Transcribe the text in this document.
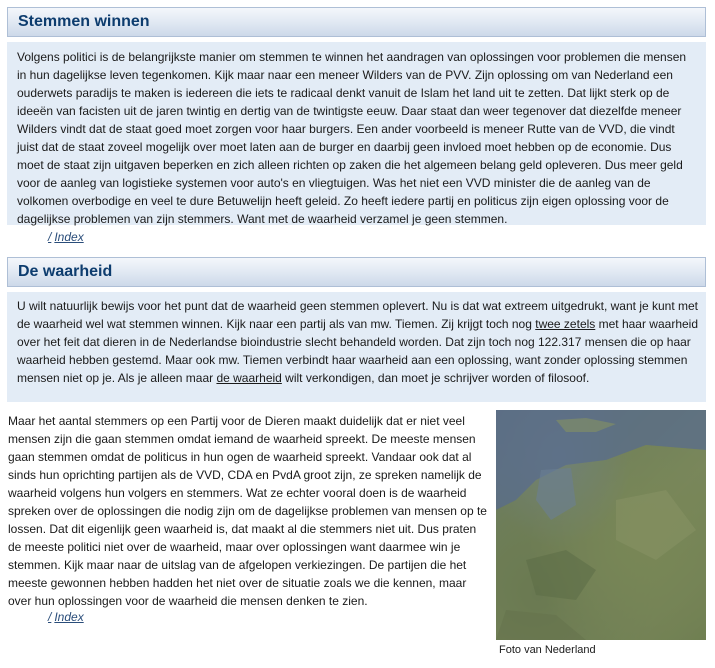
Stemmen winnen

Volgens politici is de belangrijkste manier om stemmen te winnen het aandragen van oplossingen voor problemen die mensen in hun dagelijkse leven tegenkomen. Kijk maar naar een meneer Wilders van de PVV. Zijn oplossing om van Nederland een ouderwets paradijs te maken is iedereen die iets te radicaal denkt vanuit de Islam het land uit te zetten. Dat lijkt sterk op de ideeën van facisten uit de jaren twintig en dertig van de twintigste eeuw. Daar staat dan weer tegenover dat diezelfde meneer Wilders vindt dat de staat goed moet zorgen voor haar burgers. Een ander voorbeeld is meneer Rutte van de VVD, die vindt juist dat de staat zoveel mogelijk over moet laten aan de burger en daarbij geen invloed moet hebben op de economie. Dus moet de staat zijn uitgaven beperken en zich alleen richten op zaken die het algemeen belang geld opleveren. Dus meer geld voor de aanleg van logistieke systemen voor auto's en vliegtuigen. Was het niet een VVD minister die de aanleg van de volkomen overbodige en veel te dure Betuwelijn heeft geleid. Zo heeft iedere partij en politicus zijn eigen oplossing voor de dagelijkse problemen van zijn stemmers. Want met de waarheid verzamel je geen stemmen.

/ Index
De waarheid

U wilt natuurlijk bewijs voor het punt dat de waarheid geen stemmen oplevert. Nu is dat wat extreem uitgedrukt, want je kunt met de waarheid wel wat stemmen winnen. Kijk naar een partij als van mw. Tiemen. Zij krijgt toch nog twee zetels met haar waarheid over het feit dat dieren in de Nederlandse bioindustrie slecht behandeld worden. Dat zijn toch nog 122.317 mensen die op haar waarheid hebben gestemd. Maar ook mw. Tiemen verbindt haar waarheid aan een oplossing, want zonder oplossing stemmen mensen niet op je. Als je alleen maar de waarheid wilt verkondigen, dan moet je schrijver worden of filosoof.

Maar het aantal stemmers op een Partij voor de Dieren maakt duidelijk dat er niet veel mensen zijn die gaan stemmen omdat iemand de waarheid spreekt. De meeste mensen gaan stemmen omdat de politicus in hun ogen de waarheid spreekt. Vandaar ook dat al sinds hun oprichting partijen als de VVD, CDA en PvdA groot zijn, ze spreken namelijk de waarheid volgens hun volgers en stemmers. Wat ze echter vooral doen is de waarheid spreken over de oplossingen die nodig zijn om de dagelijkse problemen van mensen op te lossen. Dat dit eigenlijk geen waarheid is, dat maakt al die stemmers niet uit. Dus praten de meeste politici niet over de waarheid, maar over oplossingen want daarmee win je stemmen. Kijk maar naar de uitslag van de afgelopen verkiezingen. De partijen die het meeste gewonnen hebben hadden het niet over de situatie zoals we die kennen, maar over hun oplossingen voor de waarheid die mensen denken te zien.

/ Index
Foto van Nederland
